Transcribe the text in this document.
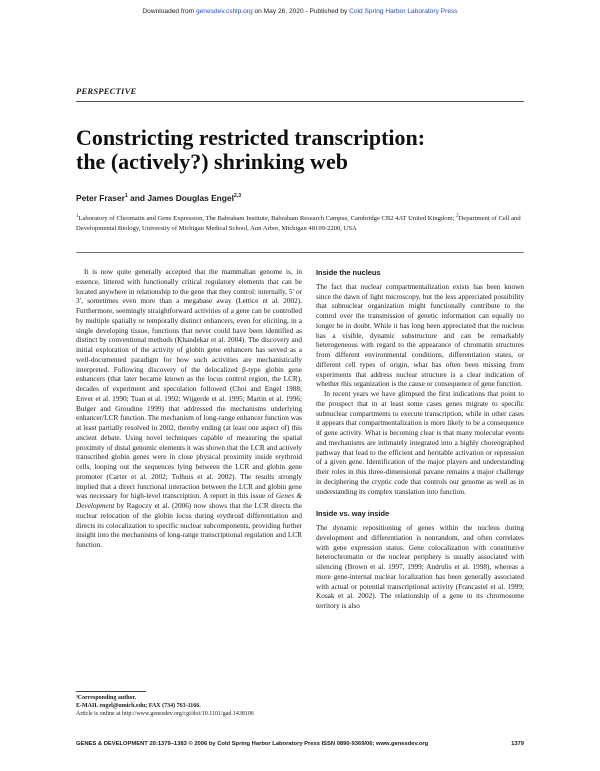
Downloaded from genesdev.cshlp.org on May 26, 2020 - Published by Cold Spring Harbor Laboratory Press
PERSPECTIVE
Constricting restricted transcription:
the (actively?) shrinking web
Peter Fraser$^1$ and James Douglas Engel$^{2,3}$
$^1$Laboratory of Chromatin and Gene Expression, The Babraham Institute, Babraham Research Campus, Cambridge CB2 4AT United Kingdom; $^2$Department of Cell and Developmental Biology, University of Michigan Medical School, Ann Arbor, Michigan 48109-2200, USA

It is now quite generally accepted that the mammalian genome is, in essence, littered with functionally critical regulatory elements that can be located anywhere in relationship to the gene that they control: internally, 5′ or 3′, sometimes even more than a megabase away (Lettice et al. 2002). Furthermore, seemingly straightforward activities of a gene can be controlled by multiple spatially or temporally distinct enhancers, even for eliciting, in a single developing tissue, functions that never could have been identified as distinct by conventional methods (Khandekar et al. 2004). The discovery and initial exploration of the activity of globin gene enhancers has served as a well-documented paradigm for how such activities are mechanistically interpreted. Following discovery of the delocalized β-type globin gene enhancers (that later became known as the locus control region, the LCR), decades of experiment and speculation followed (Choi and Engel 1988; Enver et al. 1990; Tuan et al. 1992; Wijgerde et al. 1995; Martin et al. 1996; Bulger and Groudine 1999) that addressed the mechanisms underlying enhancer/LCR function. The mechanism of long-range enhancer function was at least partially resolved in 2002, thereby ending (at least one aspect of) this ancient debate. Using novel techniques capable of measuring the spatial proximity of distal genomic elements it was shown that the LCR and actively transcribed globin genes were in close physical proximity inside erythroid cells, looping out the sequences lying between the LCR and globin gene promoter (Carter et al. 2002; Tolhuis et al. 2002). The results strongly implied that a direct functional interaction between the LCR and globin gene was necessary for high-level transcription. A report in this issue of Genes & Development by Ragoczy et al. (2006) now shows that the LCR directs the nuclear relocation of the globin locus during erythroid differentiation and directs its colocalization to specific nuclear subcomponents, providing further insight into the mechanisms of long-range transcriptional regulation and LCR function.

Inside the nucleus

The fact that nuclear compartmentalization exists has been known since the dawn of light microscopy, but the less appreciated possibility that subnuclear organization might functionally contribute to the control over the transmission of genetic information can equally no longer be in doubt. While it has long been appreciated that the nucleus has a visible, dynamic substructure and can be remarkably heterogeneous with regard to the appearance of chromatin structures from different environmental conditions, differentiation states, or different cell types of origin, what has often been missing from experiments that address nuclear structure is a clear indication of whether this organization is the cause or consequence of gene function.

In recent years we have glimpsed the first indications that point to the prospect that in at least some cases genes migrate to specific subnuclear compartments to execute transcription, while in other cases it appears that compartmentalization is more likely to be a consequence of gene activity. What is becoming clear is that many molecular events and mechanisms are intimately integrated into a highly choreographed pathway that lead to the efficient and heritable activation or repression of a given gene. Identification of the major players and understanding their roles in this three-dimensional pavane remains a major challenge in deciphering the cryptic code that controls our genome as well as in understanding its complex translation into function.

Inside vs. way inside

The dynamic repositioning of genes within the nucleus during development and differentiation is nonrandom, and often correlates with gene expression status. Gene colocalization with constitutive heterochromatin or the nuclear periphery is usually associated with silencing (Brown et al. 1997, 1999; Andrulis et al. 1998), whereas a more gene-internal nuclear localization has been generally associated with actual or potential transcriptional activity (Francastel et al. 1999; Kosak et al. 2002). The relationship of a gene to its chromosome territory is also

³Corresponding author.
E-MAIL engel@umich.edu; FAX (734) 763-1166.
Article is online at http://www.genesdev.org/cgi/doi/10.1101/gad.1438106
GENES & DEVELOPMENT 20:1379–1383 © 2006 by Cold Spring Harbor Laboratory Press ISSN 0890-9369/06; www.genesdev.org	1379
